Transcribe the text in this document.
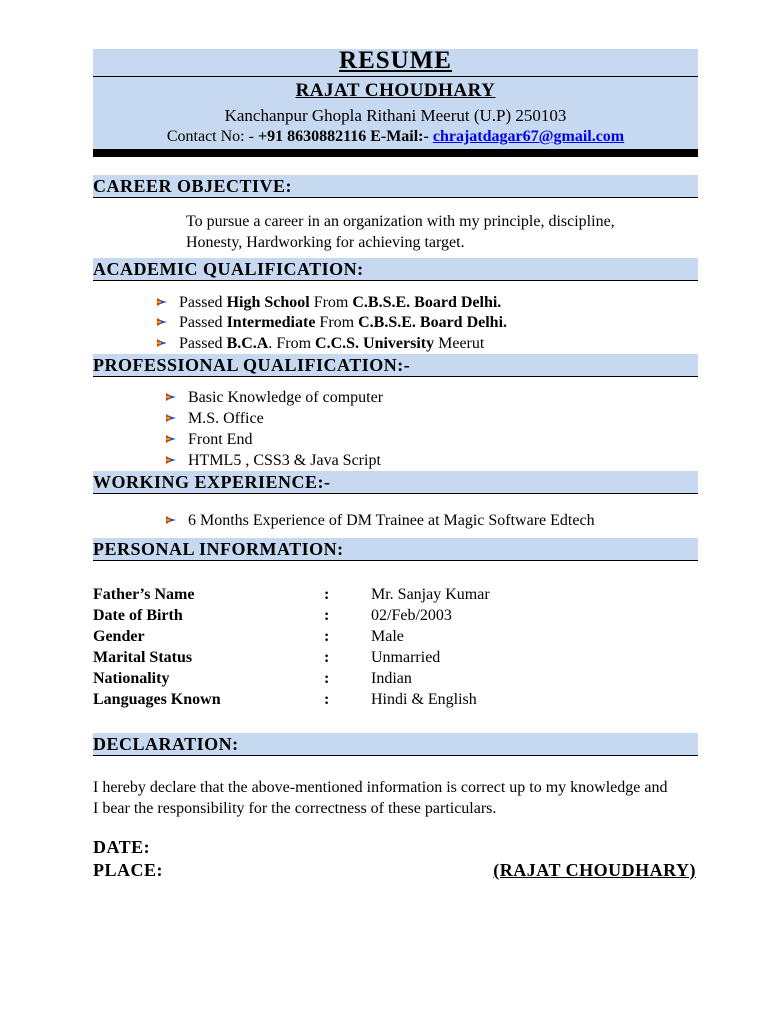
RESUME
RAJAT CHOUDHARY
Kanchanpur Ghopla Rithani Meerut (U.P) 250103
Contact No: - +91 8630882116 E-Mail:- chrajatdagar67@gmail.com
CAREER OBJECTIVE:
To pursue a career in an organization with my principle, discipline,
Honesty, Hardworking for achieving target.
ACADEMIC QUALIFICATION:
Passed High School From C.B.S.E. Board Delhi.
Passed Intermediate From C.B.S.E. Board Delhi.
Passed B.C.A. From C.C.S. University Meerut
PROFESSIONAL QUALIFICATION:-
Basic Knowledge of computer
M.S. Office
Front End
HTML5 , CSS3 & Java Script
WORKING EXPERIENCE:-
6 Months Experience of DM Trainee at Magic Software Edtech
PERSONAL INFORMATION:
Father’s Name	:	Mr. Sanjay Kumar
Date of Birth	:	02/Feb/2003
Gender	:	Male
Marital Status	:	Unmarried
Nationality	:	Indian
Languages Known	:	Hindi & English
DECLARATION:
I hereby declare that the above-mentioned information is correct up to my knowledge and
I bear the responsibility for the correctness of these particulars.
DATE:
PLACE:	(RAJAT CHOUDHARY)
